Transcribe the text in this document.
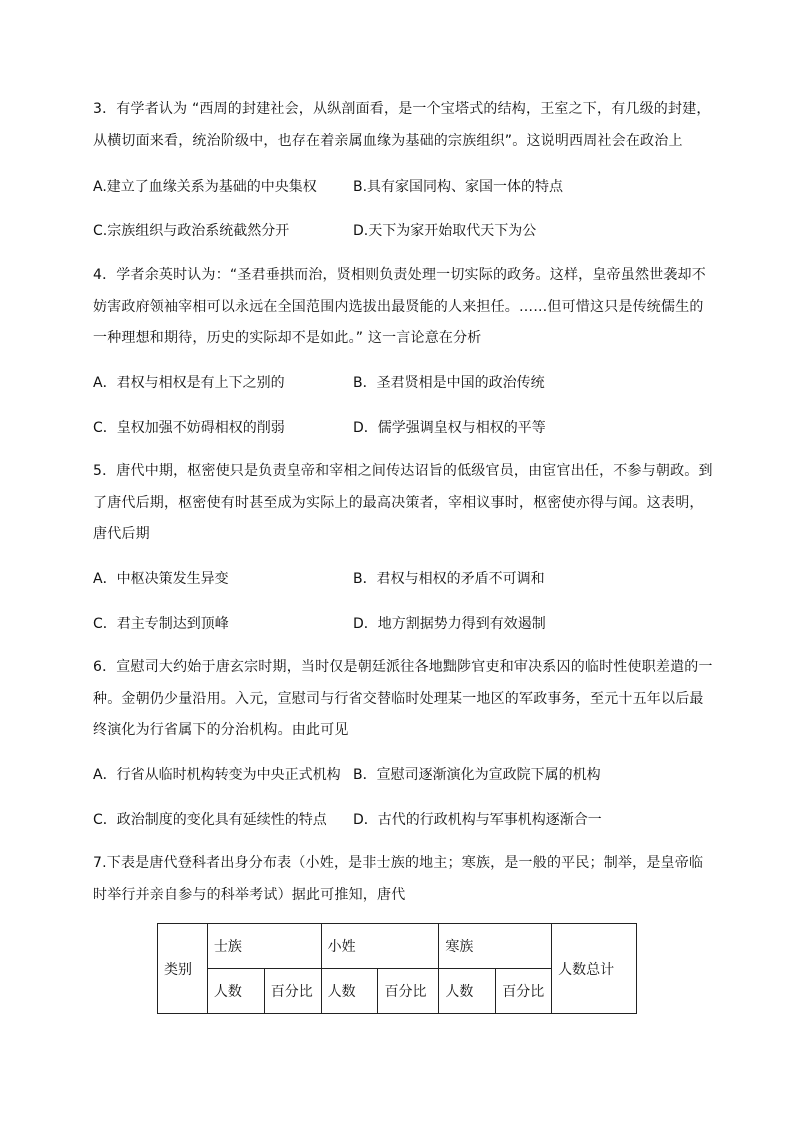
3．有学者认为 “西周的封建社会，从纵剖面看，是一个宝塔式的结构，王室之下，有几级的封建，
从横切面来看，统治阶级中，也存在着亲属血缘为基础的宗族组织”。这说明西周社会在政治上
A.建立了血缘关系为基础的中央集权	B.具有家国同构、家国一体的特点
C.宗族组织与政治系统截然分开	D.天下为家开始取代天下为公
4．学者余英时认为：“圣君垂拱而治，贤相则负责处理一切实际的政务。这样，皇帝虽然世袭却不
妨害政府领袖宰相可以永远在全国范围内选拔出最贤能的人来担任。……但可惜这只是传统儒生的
一种理想和期待，历史的实际却不是如此。” 这一言论意在分析
A．君权与相权是有上下之别的	B．圣君贤相是中国的政治传统
C．皇权加强不妨碍相权的削弱	D．儒学强调皇权与相权的平等
5．唐代中期，枢密使只是负责皇帝和宰相之间传达诏旨的低级官员，由宦官出任，不参与朝政。到
了唐代后期，枢密使有时甚至成为实际上的最高决策者，宰相议事时，枢密使亦得与闻。这表明，
唐代后期
A．中枢决策发生异变	B．君权与相权的矛盾不可调和
C．君主专制达到顶峰	D．地方割据势力得到有效遏制
6．宣慰司大约始于唐玄宗时期，当时仅是朝廷派往各地黜陟官吏和审决系囚的临时性使职差遣的一
种。金朝仍少量沿用。入元，宣慰司与行省交替临时处理某一地区的军政事务，至元十五年以后最
终演化为行省属下的分治机构。由此可见
A．行省从临时机构转变为中央正式机构 B．宣慰司逐渐演化为宣政院下属的机构
C．政治制度的变化具有延续性的特点 D．古代的行政机构与军事机构逐渐合一
7.下表是唐代登科者出身分布表（小姓，是非士族的地主；寒族，是一般的平民；制举，是皇帝临
时举行并亲自参与的科举考试）据此可推知，唐代
类别	士族		小姓		寒族		人数总计
	人数	百分比	人数	百分比	人数	百分比	
